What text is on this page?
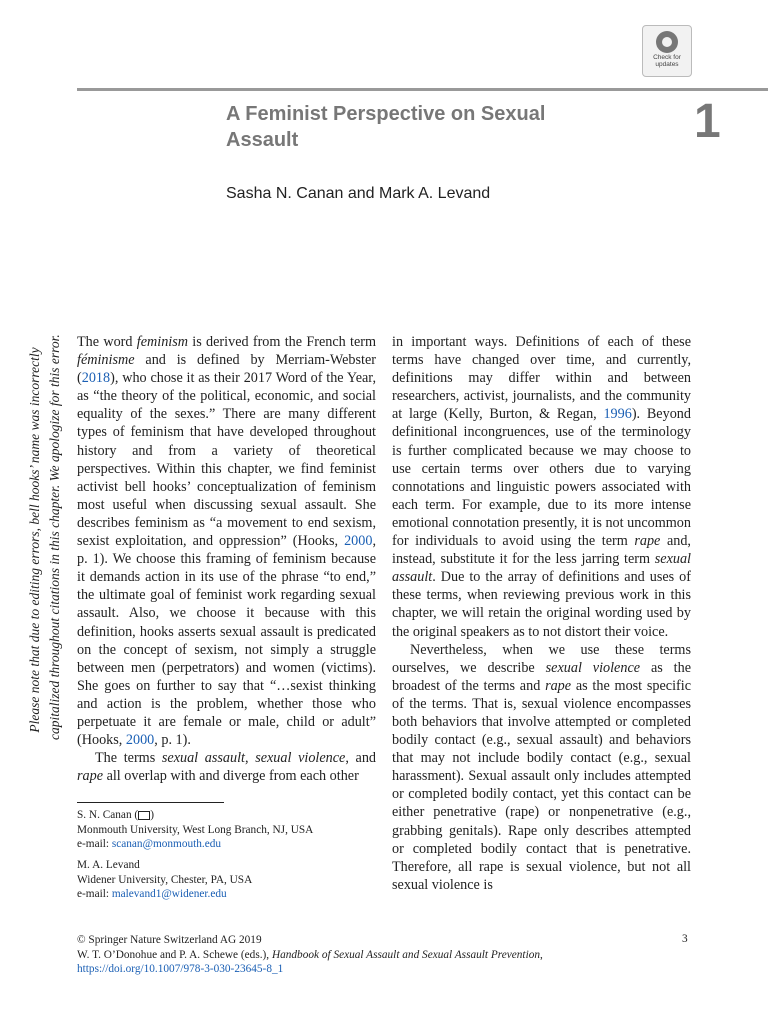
Check for
updates
A Feminist Perspective on Sexual
Assault	1
Sasha N. Canan and Mark A. Levand
Please note that due to editing errors, bell hooks’ name was incorrectly capitalized throughout citations in this chapter. We apologize for this error. The word feminism is derived from the French term féminisme and is defined by Merriam-Webster (2018), who chose it as their 2017 Word of the Year, as “the theory of the political, economic, and social equality of the sexes.” There are many different types of feminism that have developed throughout history and from a variety of theoretical perspectives. Within this chapter, we find feminist activist bell hooks’ conceptualization of feminism most useful when discussing sexual assault. She describes feminism as “a movement to end sexism, sexist exploitation, and oppression” (Hooks, 2000, p. 1). We choose this framing of feminism because it demands action in its use of the phrase “to end,” the ultimate goal of feminist work regarding sexual assault. Also, we choose it because with this definition, hooks asserts sexual assault is predicated on the concept of sexism, not simply a struggle between men (perpetrators) and women (victims). She goes on further to say that “…sexist thinking and action is the problem, whether those who perpetuate it are female or male, child or adult” (Hooks, 2000, p. 1).

The terms sexual assault, sexual violence, and rape all overlap with and diverge from each other

in important ways. Definitions of each of these terms have changed over time, and currently, definitions may differ within and between researchers, activist, journalists, and the community at large (Kelly, Burton, & Regan, 1996). Beyond definitional incongruences, use of the terminology is further complicated because we may choose to use certain terms over others due to varying connotations and linguistic powers associated with each term. For example, due to its more intense emotional connotation presently, it is not uncommon for individuals to avoid using the term rape and, instead, substitute it for the less jarring term sexual assault. Due to the array of definitions and uses of these terms, when reviewing previous work in this chapter, we will retain the original wording used by the original speakers as to not distort their voice.

Nevertheless, when we use these terms ourselves, we describe sexual violence as the broadest of the terms and rape as the most specific of the terms. That is, sexual violence encompasses both behaviors that involve attempted or completed bodily contact (e.g., sexual assault) and behaviors that may not include bodily contact (e.g., sexual harassment). Sexual assault only includes attempted or completed bodily contact, yet this contact can be either penetrative (rape) or nonpenetrative (e.g., grabbing genitals). Rape only describes attempted or completed bodily contact that is penetrative. Therefore, all rape is sexual violence, but not all sexual violence is

S. N. Canan ( )
Monmouth University, West Long Branch, NJ, USA
e-mail: scanan@monmouth.edu
M. A. Levand
Widener University, Chester, PA, USA
e-mail: malevand1@widener.edu
© Springer Nature Switzerland AG 2019
W. T. O’Donohue and P. A. Schewe (eds.), Handbook of Sexual Assault and Sexual Assault Prevention,
https://doi.org/10.1007/978-3-030-23645-8_1
3
